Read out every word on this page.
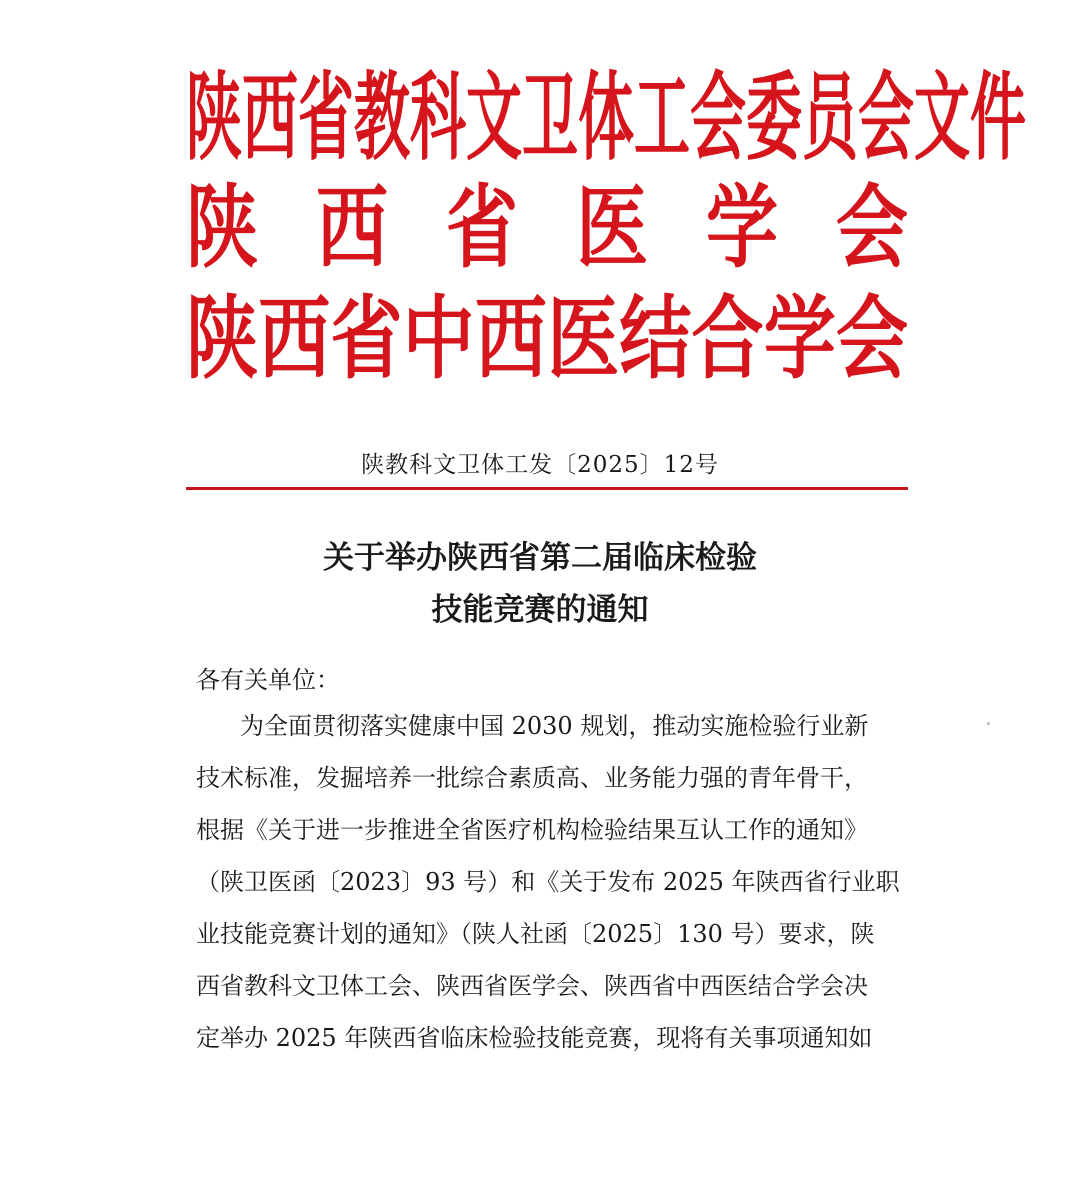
陕 西 省 教 科 文 卫 体 工 会 委 员 会 文 件
陕 西 省 医 学 会
陕 西 省 中 西 医 结 合 学 会
陕教科文卫体工发〔2025〕12号
关于举办陕西省第二届临床检验
技能竞赛的通知
各有关单位：
为全面贯彻落实健康中国 2030 规划，推动实施检验行业新
技术标准，发掘培养一批综合素质高、业务能力强的青年骨干，
根据《关于进一步推进全省医疗机构检验结果互认工作的通知》
（陕卫医函〔2023〕93 号）和《关于发布 2025 年陕西省行业职
业技能竞赛计划的通知》（陕人社函〔2025〕130 号）要求，陕
西省教科文卫体工会、陕西省医学会、陕西省中西医结合学会决
定举办 2025 年陕西省临床检验技能竞赛，现将有关事项通知如
